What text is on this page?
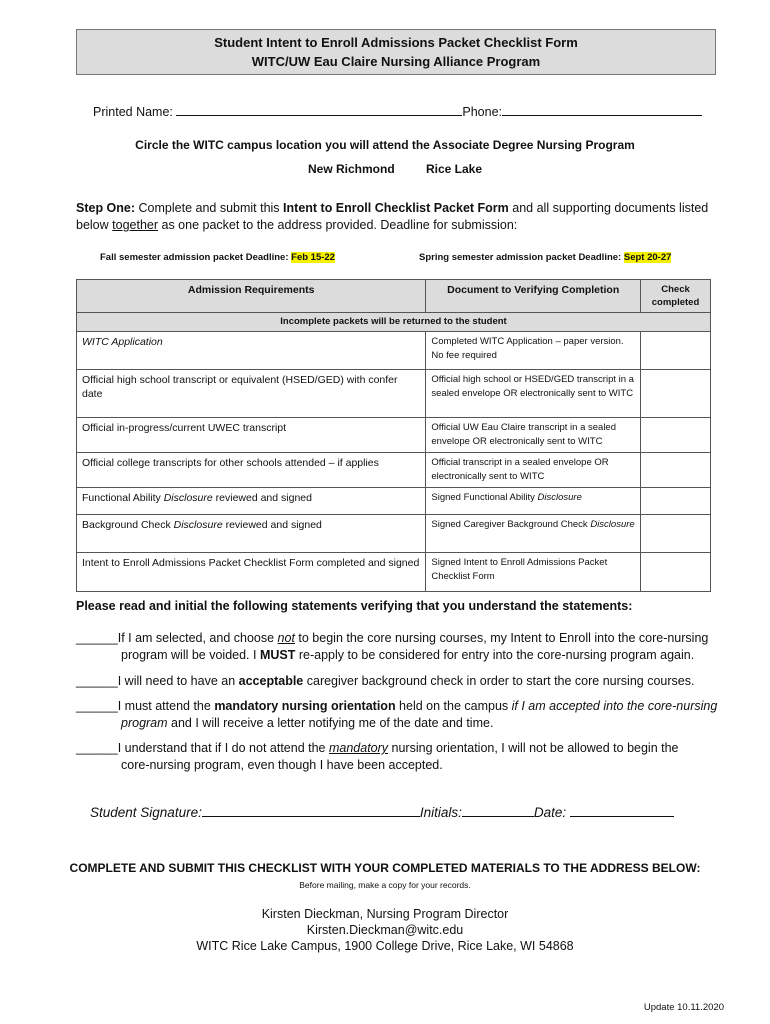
Student Intent to Enroll Admissions Packet Checklist Form
WITC/UW Eau Claire Nursing Alliance Program
Printed Name:	Phone:
Circle the WITC campus location you will attend the Associate Degree Nursing Program
New Richmond	Rice Lake
Step One: Complete and submit this Intent to Enroll Checklist Packet Form and all supporting documents listed below together as one packet to the address provided. Deadline for submission:
Fall semester admission packet Deadline: Feb 15-22	Spring semester admission packet Deadline: Sept 20-27
Admission Requirements	Document to Verifying Completion	Check completed
Incomplete packets will be returned to the student		
WITC Application	Completed WITC Application – paper version. No fee required	
Official high school transcript or equivalent (HSED/GED) with confer date	Official high school or HSED/GED transcript in a sealed envelope OR electronically sent to WITC	
Official in-progress/current UWEC transcript	Official UW Eau Claire transcript in a sealed envelope OR electronically sent to WITC	
Official college transcripts for other schools attended – if applies	Official transcript in a sealed envelope OR electronically sent to WITC	
Functional Ability Disclosure reviewed and signed	Signed Functional Ability Disclosure	
Background Check Disclosure reviewed and signed	Signed Caregiver Background Check Disclosure	
Intent to Enroll Admissions Packet Checklist Form completed and signed	Signed Intent to Enroll Admissions Packet Checklist Form	
Please read and initial the following statements verifying that you understand the statements:
______If I am selected, and choose not to begin the core nursing courses, my Intent to Enroll into the core-nursing
program will be voided. I MUST re-apply to be considered for entry into the core-nursing program again.
______I will need to have an acceptable caregiver background check in order to start the core nursing courses.
______I must attend the mandatory nursing orientation held on the campus if I am accepted into the core-nursing
program and I will receive a letter notifying me of the date and time.
______I understand that if I do not attend the mandatory nursing orientation, I will not be allowed to begin the
core-nursing program, even though I have been accepted.
Student Signature:	Initials:	Date:
COMPLETE AND SUBMIT THIS CHECKLIST WITH YOUR COMPLETED MATERIALS TO THE ADDRESS BELOW:
Before mailing, make a copy for your records.
Kirsten Dieckman, Nursing Program Director
Kirsten.Dieckman@witc.edu
WITC Rice Lake Campus, 1900 College Drive, Rice Lake, WI 54868
Update 10.11.2020
